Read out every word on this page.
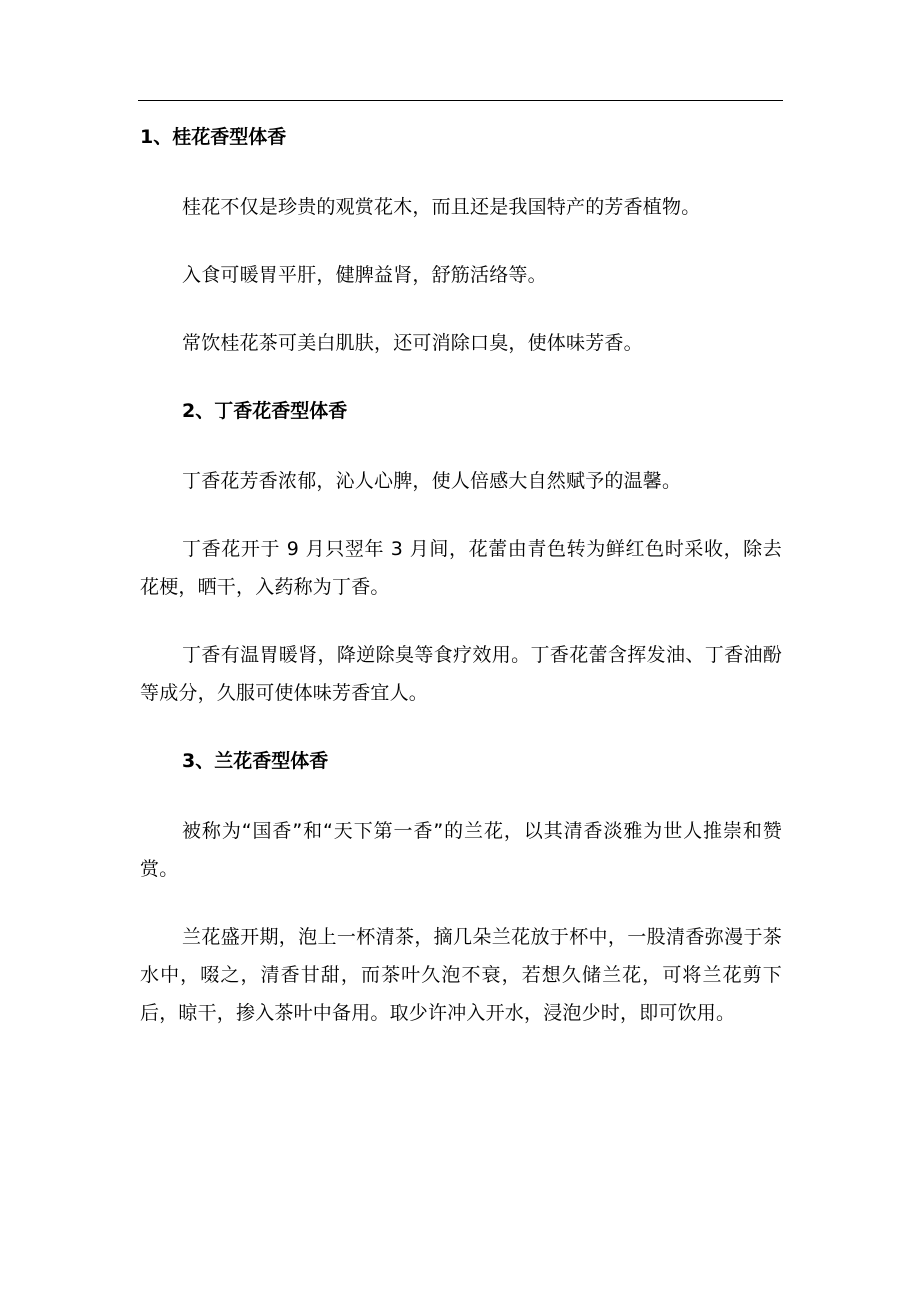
1、桂花香型体香

桂花不仅是珍贵的观赏花木，而且还是我国特产的芳香植物。

入食可暖胃平肝，健脾益肾，舒筋活络等。

常饮桂花茶可美白肌肤，还可消除口臭，使体味芳香。

2、丁香花香型体香

丁香花芳香浓郁，沁人心脾，使人倍感大自然赋予的温馨。

丁香花开于 9 月只翌年 3 月间，花蕾由青色转为鲜红色时采收，除去花梗，晒干，入药称为丁香。

丁香有温胃暖肾，降逆除臭等食疗效用。丁香花蕾含挥发油、丁香油酚等成分，久服可使体味芳香宜人。

3、兰花香型体香

被称为“国香”和“天下第一香”的兰花，以其清香淡雅为世人推崇和赞赏。

兰花盛开期，泡上一杯清茶，摘几朵兰花放于杯中，一股清香弥漫于茶水中，啜之，清香甘甜，而茶叶久泡不衰，若想久储兰花，可将兰花剪下后，晾干，掺入茶叶中备用。取少许冲入开水，浸泡少时，即可饮用。
